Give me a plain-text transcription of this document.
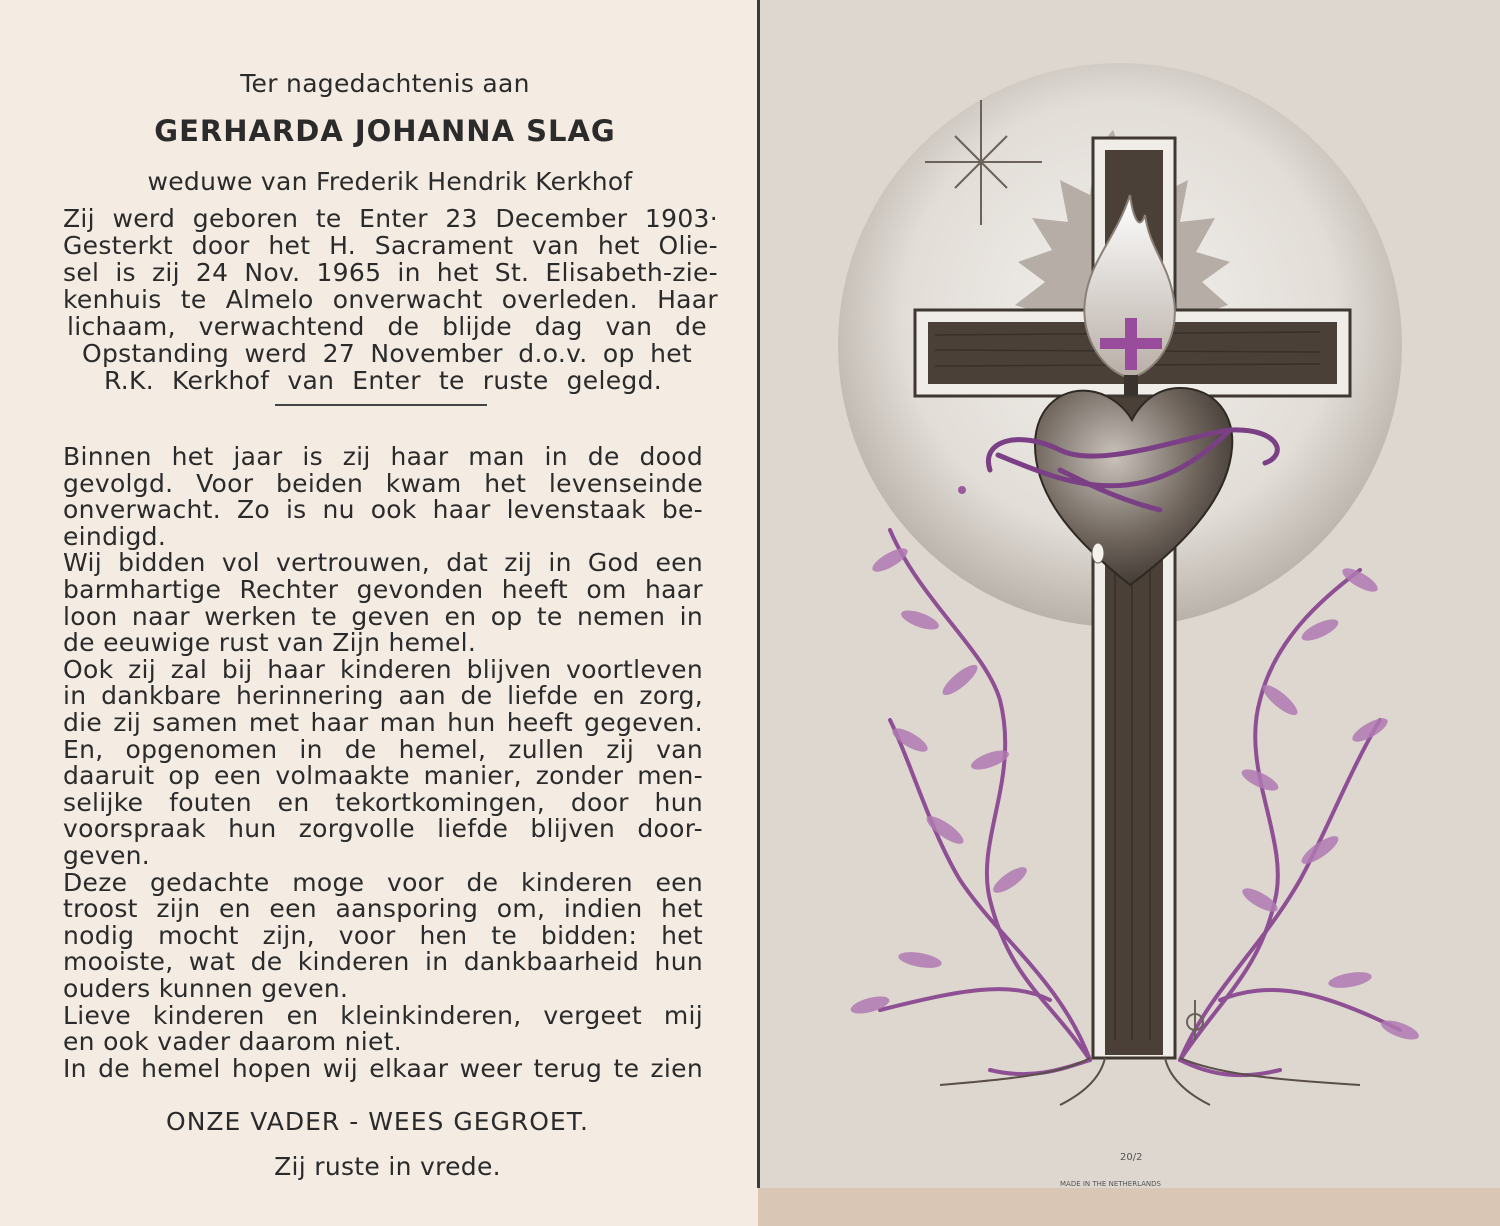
Ter nagedachtenis aan
GERHARDA JOHANNA SLAG
weduwe van Frederik Hendrik Kerkhof
Zij werd geboren te Enter 23 December 1903·
Gesterkt door het H. Sacrament van het Olie-
sel is zij 24 Nov. 1965 in het St. Elisabeth-zie-
kenhuis te Almelo onverwacht overleden. Haar
lichaam, verwachtend de blijde dag van de
Opstanding werd 27 November d.o.v. op het
R.K. Kerkhof van Enter te ruste gelegd.
Binnen het jaar is zij haar man in de dood
gevolgd. Voor beiden kwam het levenseinde
onverwacht. Zo is nu ook haar levenstaak be-
eindigd.
Wij bidden vol vertrouwen, dat zij in God een
barmhartige Rechter gevonden heeft om haar
loon naar werken te geven en op te nemen in
de eeuwige rust van Zijn hemel.
Ook zij zal bij haar kinderen blijven voortleven
in dankbare herinnering aan de liefde en zorg,
die zij samen met haar man hun heeft gegeven.
En, opgenomen in de hemel, zullen zij van
daaruit op een volmaakte manier, zonder men-
selijke fouten en tekortkomingen, door hun
voorspraak hun zorgvolle liefde blijven door-
geven.
Deze gedachte moge voor de kinderen een
troost zijn en een aansporing om, indien het
nodig mocht zijn, voor hen te bidden: het
mooiste, wat de kinderen in dankbaarheid hun
ouders kunnen geven.
Lieve kinderen en kleinkinderen, vergeet mij
en ook vader daarom niet.
In de hemel hopen wij elkaar weer terug te zien
ONZE VADER - WEES GEGROET.
Zij ruste in vrede.	20/2
MADE IN THE NETHERLANDS
